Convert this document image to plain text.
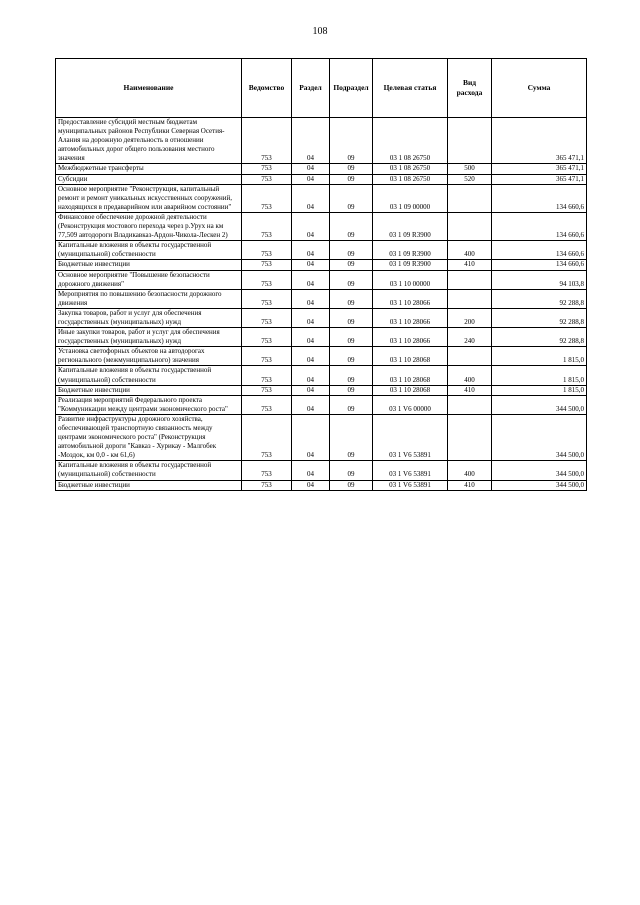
108
Наименование	Ведомство	Раздел	Подраздел	Целевая статья	Вид расхода	Сумма
Предоставление субсидий местным бюджетам муниципальных районов Республики Северная Осетия-Алания на дорожную деятельность в отношении автомобильных дорог общего пользования местного значения	753	04	09	03 1 08 26750		365 471,1
Межбюджетные трансферты	753	04	09	03 1 08 26750	500	365 471,1
Субсидии	753	04	09	03 1 08 26750	520	365 471,1
Основное мероприятие "Реконструкция, капитальный ремонт и ремонт уникальных искусственных сооружений, находящихся в предаварийном или аварийном состоянии"	753	04	09	03 1 09 00000		134 660,6
Финансовое обеспечение дорожной деятельности (Реконструкция мостового перехода через р.Урух на км 77,509 автодороги Владикавказ-Ардон-Чикола-Лескен 2)	753	04	09	03 1 09 R3900		134 660,6
Капитальные вложения в объекты государственной (муниципальной) собственности	753	04	09	03 1 09 R3900	400	134 660,6
Бюджетные инвестиции	753	04	09	03 1 09 R3900	410	134 660,6
Основное мероприятие "Повышение безопасности дорожного движения"	753	04	09	03 1 10 00000		94 103,8
Мероприятия по повышению безопасности дорожного движения	753	04	09	03 1 10 28066		92 288,8
Закупка товаров, работ и услуг для обеспечения государственных (муниципальных) нужд	753	04	09	03 1 10 28066	200	92 288,8
Иные закупки товаров, работ и услуг для обеспечения государственных (муниципальных) нужд	753	04	09	03 1 10 28066	240	92 288,8
Установка светофорных объектов на автодорогах регионального (межмуниципального) значения	753	04	09	03 1 10 28068		1 815,0
Капитальные вложения в объекты государственной (муниципальной) собственности	753	04	09	03 1 10 28068	400	1 815,0
Бюджетные инвестиции	753	04	09	03 1 10 28068	410	1 815,0
Реализация мероприятий Федерального проекта "Коммуникации между центрами экономического роста"	753	04	09	03 1 V6 00000		344 500,0
Развитие инфраструктуры дорожного хозяйства, обеспечивающей транспортную связанность между центрами экономического роста" (Реконструкция автомобильной дороги "Кавказ - Хурикау - Малгобек -Моздок, км 0,0 - км 61,6)	753	04	09	03 1 V6 53891		344 500,0
Капитальные вложения в объекты государственной (муниципальной) собственности	753	04	09	03 1 V6 53891	400	344 500,0
Бюджетные инвестиции	753	04	09	03 1 V6 53891	410	344 500,0
